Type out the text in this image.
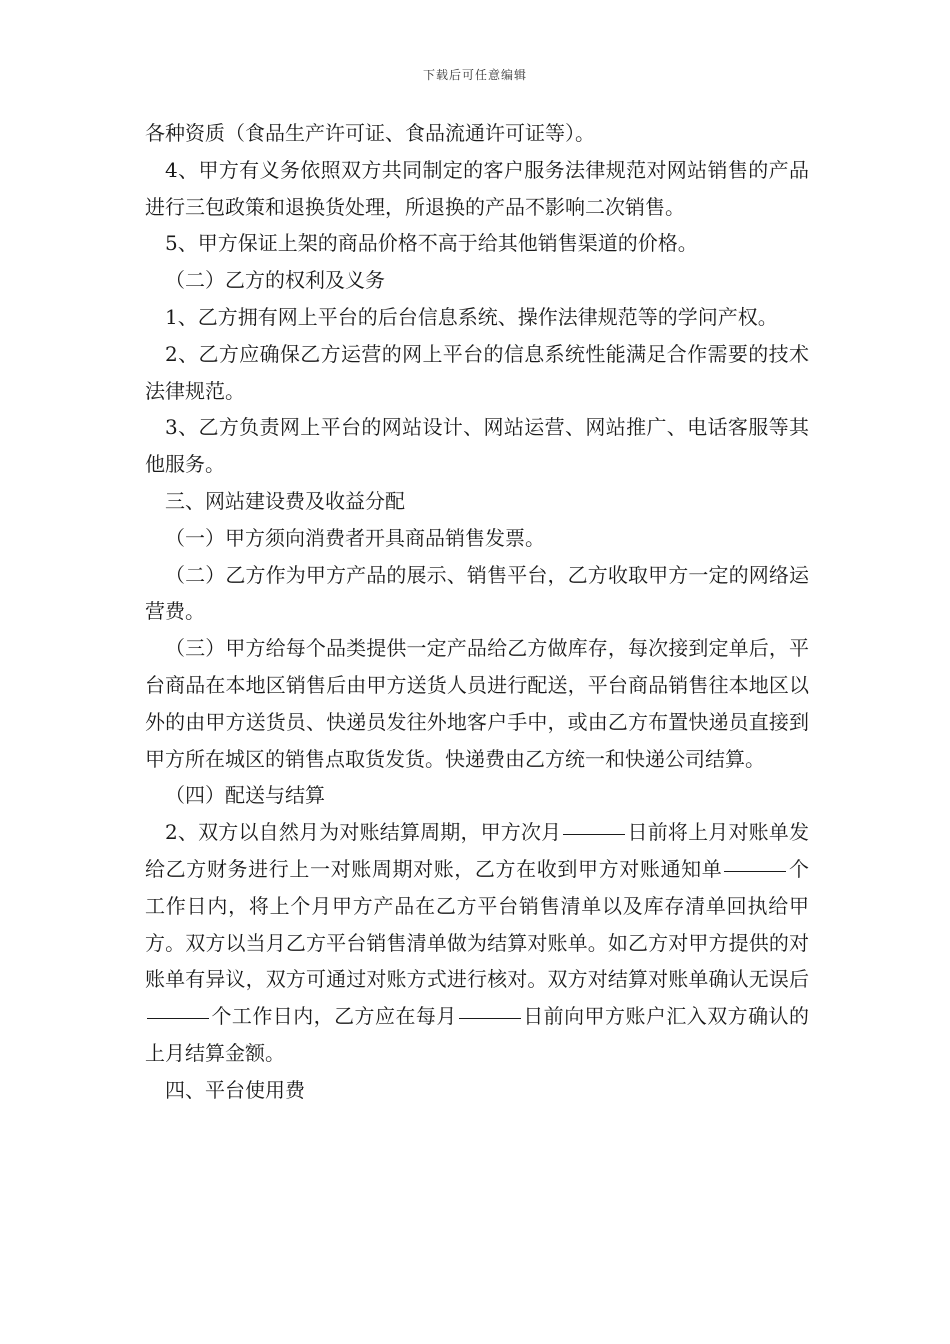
下载后可任意编辑

各种资质（食品生产许可证、食品流通许可证等）。

4、甲方有义务依照双方共同制定的客户服务法律规范对网站销售的产品进行三包政策和退换货处理，所退换的产品不影响二次销售。

5、甲方保证上架的商品价格不高于给其他销售渠道的价格。

（二）乙方的权利及义务

1、乙方拥有网上平台的后台信息系统、操作法律规范等的学问产权。

2、乙方应确保乙方运营的网上平台的信息系统性能满足合作需要的技术法律规范。

3、乙方负责网上平台的网站设计、网站运营、网站推广、电话客服等其他服务。

三、网站建设费及收益分配

（一）甲方须向消费者开具商品销售发票。

（二）乙方作为甲方产品的展示、销售平台，乙方收取甲方一定的网络运营费。

（三）甲方给每个品类提供一定产品给乙方做库存，每次接到定单后，平台商品在本地区销售后由甲方送货人员进行配送，平台商品销售往本地区以外的由甲方送货员、快递员发往外地客户手中，或由乙方布置快递员直接到甲方所在城区的销售点取货发货。快递费由乙方统一和快递公司结算。

（四）配送与结算

2、双方以自然月为对账结算周期，甲方次月	日前将上月对账单发给乙方财务进行上一对账周期对账，乙方在收到甲方对账通知单	个工作日内，将上个月甲方产品在乙方平台销售清单以及库存清单回执给甲方。双方以当月乙方平台销售清单做为结算对账单。如乙方对甲方提供的对账单有异议，双方可通过对账方式进行核对。双方对结算对账单确认无误后个工作日内，乙方应在每月	日前向甲方账户汇入双方确认的上月结算金额。

四、平台使用费
